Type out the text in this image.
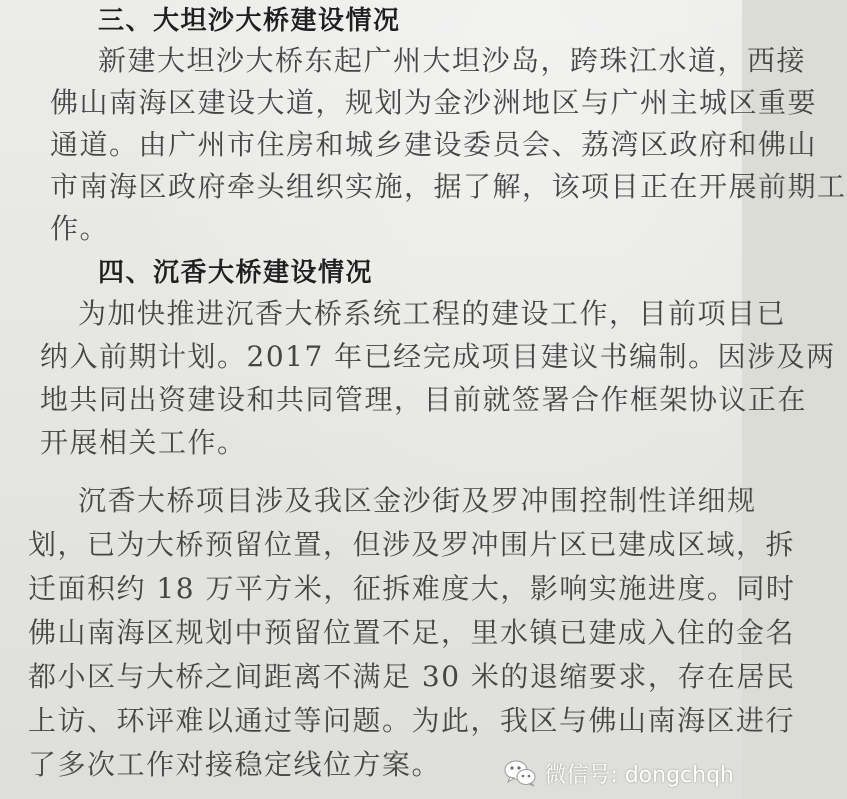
三、大坦沙大桥建设情况
新建大坦沙大桥东起广州大坦沙岛，跨珠江水道，西接
佛山南海区建设大道，规划为金沙洲地区与广州主城区重要
通道。由广州市住房和城乡建设委员会、荔湾区政府和佛山
市南海区政府牵头组织实施，据了解，该项目正在开展前期工
作。
四、沉香大桥建设情况
为加快推进沉香大桥系统工程的建设工作，目前项目已
纳入前期计划。2017 年已经完成项目建议书编制。因涉及两
地共同出资建设和共同管理，目前就签署合作框架协议正在
开展相关工作。
沉香大桥项目涉及我区金沙街及罗冲围控制性详细规
划，已为大桥预留位置，但涉及罗冲围片区已建成区域，拆
迁面积约 18 万平方米，征拆难度大，影响实施进度。同时
佛山南海区规划中预留位置不足，里水镇已建成入住的金名
都小区与大桥之间距离不满足 30 米的退缩要求，存在居民
上访、环评难以通过等问题。为此，我区与佛山南海区进行
了多次工作对接稳定线位方案。	微信号: dongchqh
